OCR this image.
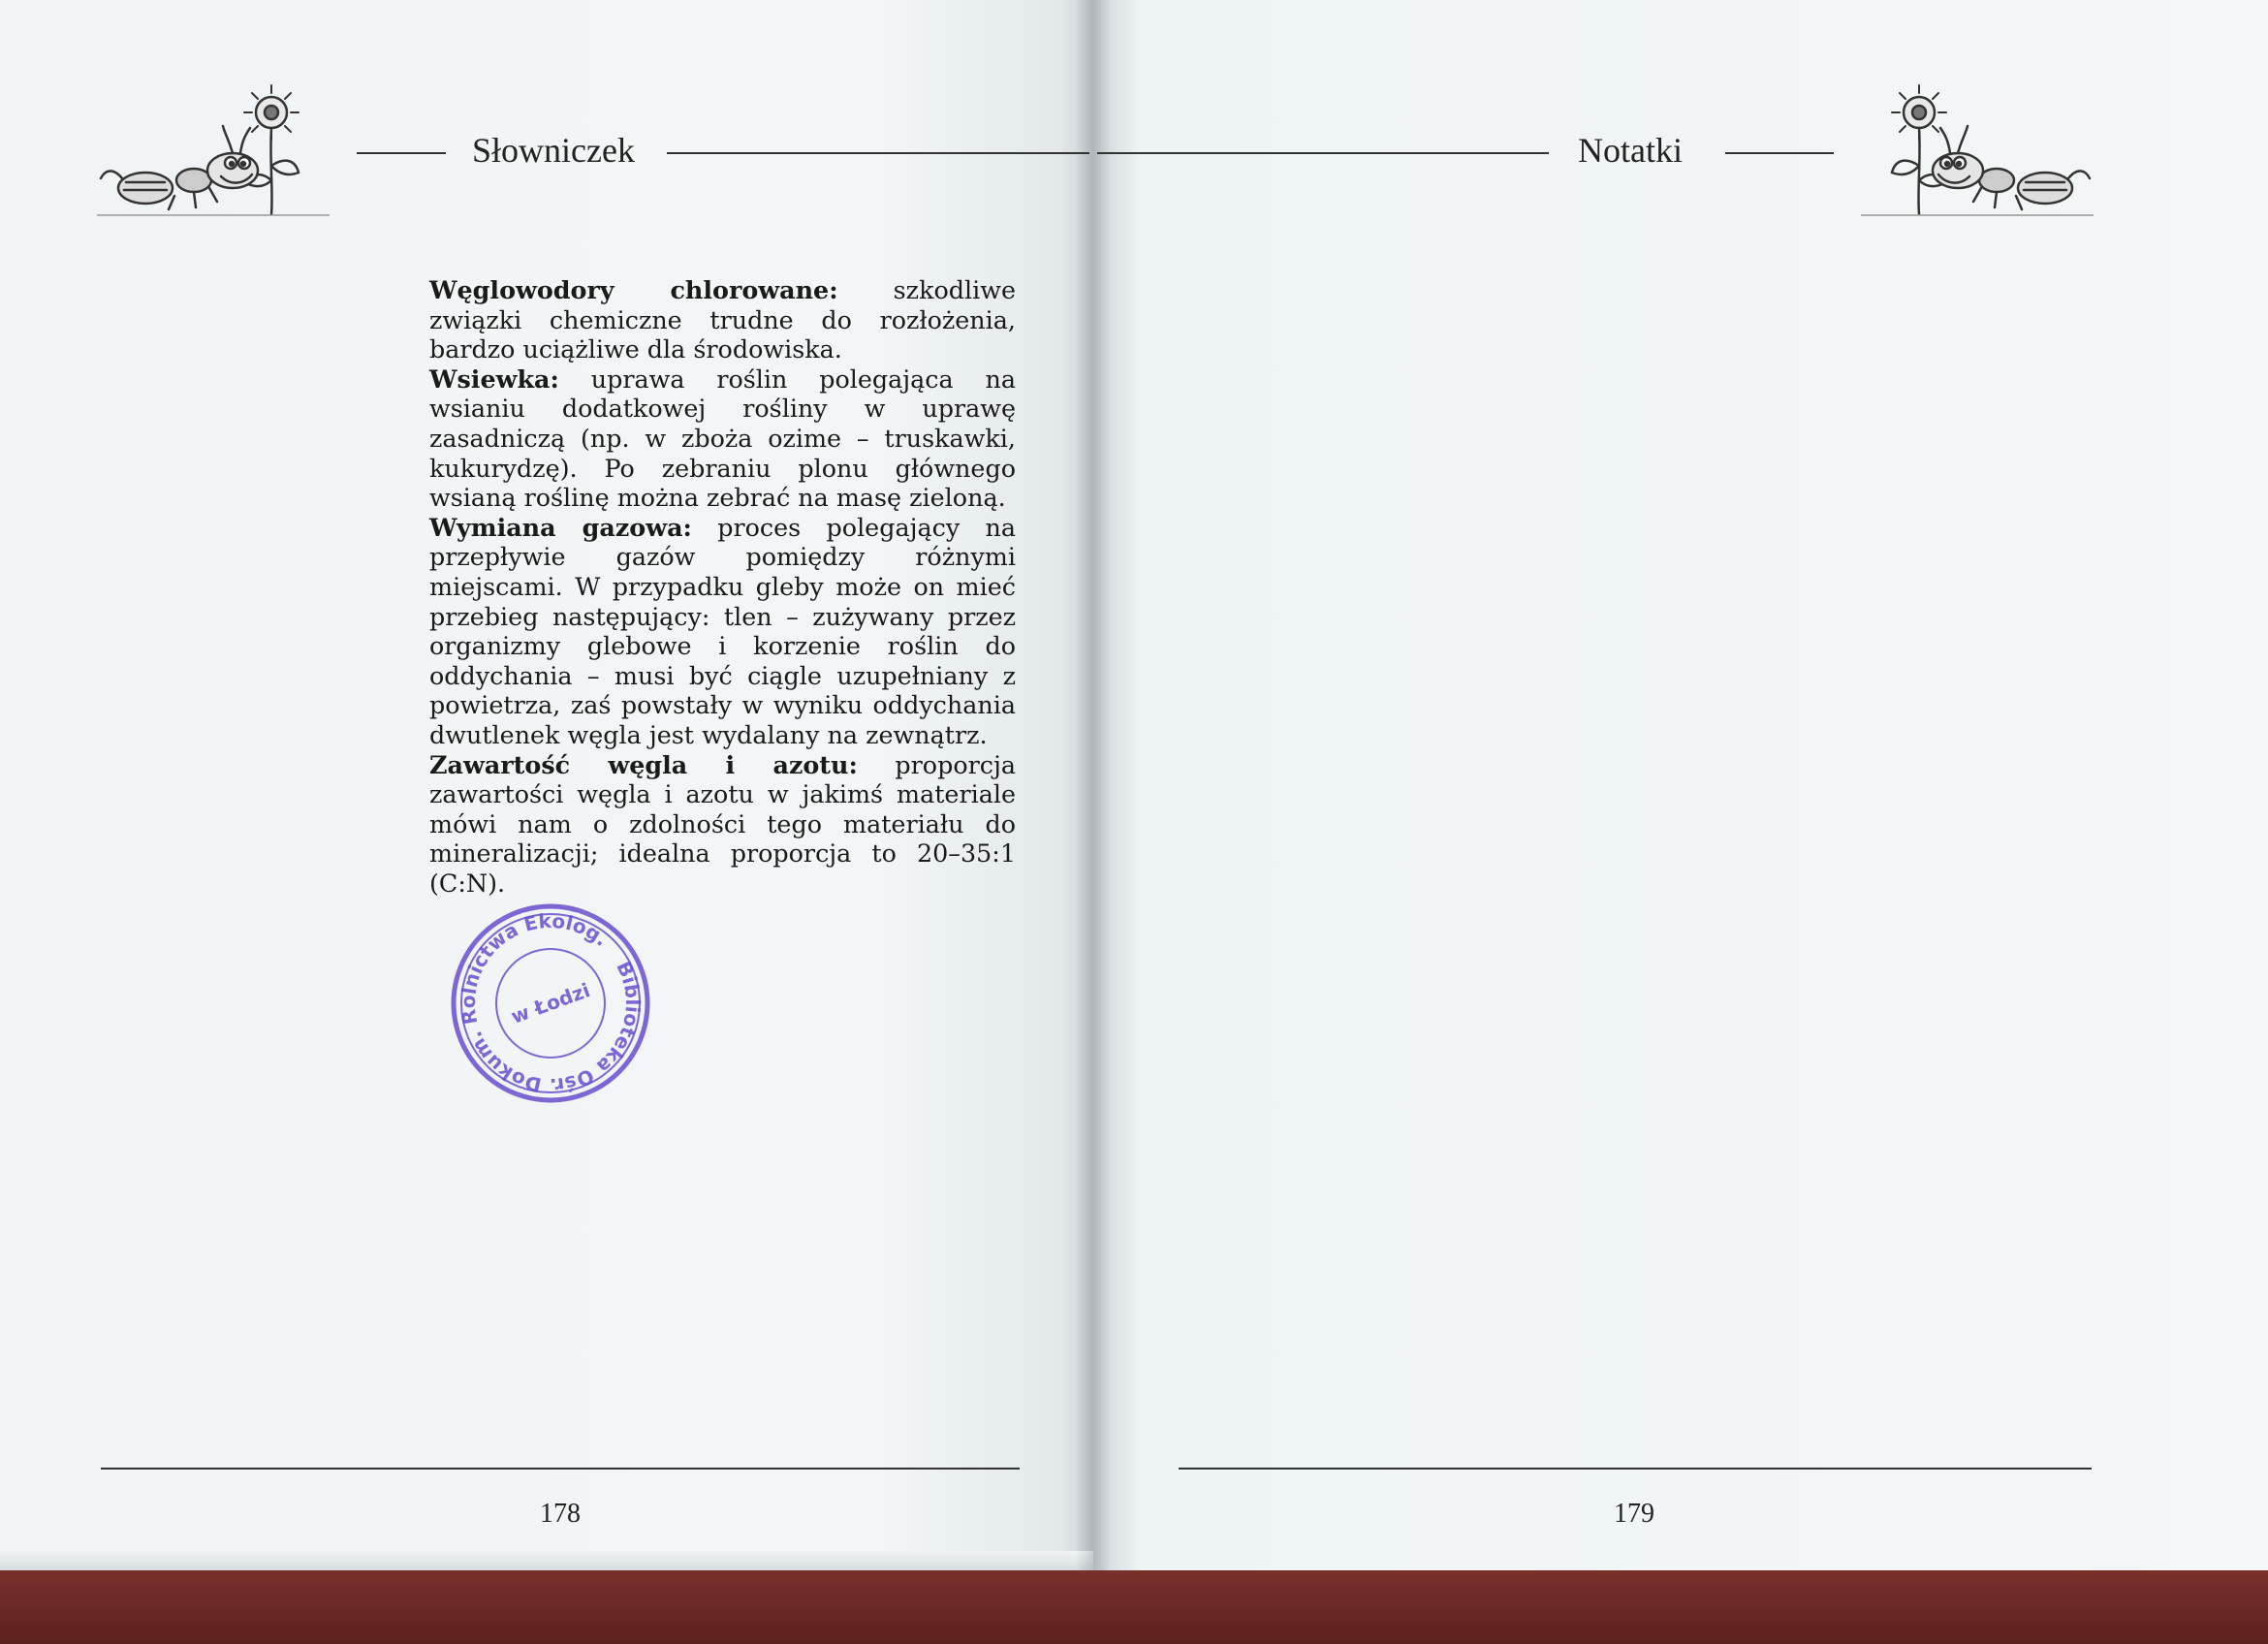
Słowniczek	Notatki

Węglowodory chlorowane: szkodliwe związki chemiczne trudne do rozłożenia, bardzo uciążliwe dla środowiska.

Wsiewka: uprawa roślin polegająca na wsianiu dodatkowej rośliny w uprawę zasadniczą (np. w zboża ozime – truskawki, kukurydzę). Po zebraniu plonu głównego wsianą roślinę można zebrać na masę zieloną.

Wymiana gazowa: proces polegający na przepływie gazów pomiędzy różnymi miejscami. W przypadku gleby może on mieć przebieg następujący: tlen – zużywany przez organizmy glebowe i korzenie roślin do oddychania – musi być ciągle uzupełniany z powietrza, zaś powstały w wyniku oddychania dwutlenek węgla jest wydalany na zewnątrz.

Zawartość węgla i azotu: proporcja zawartości węgla i azotu w jakimś materiale mówi nam o zdolności tego materiału do mineralizacji; idealna proporcja to 20–35:1 (C:N).

Biblioteka Ośr. Dokum. Rolnictwa Ekolog.
w Łodzi
178	179
